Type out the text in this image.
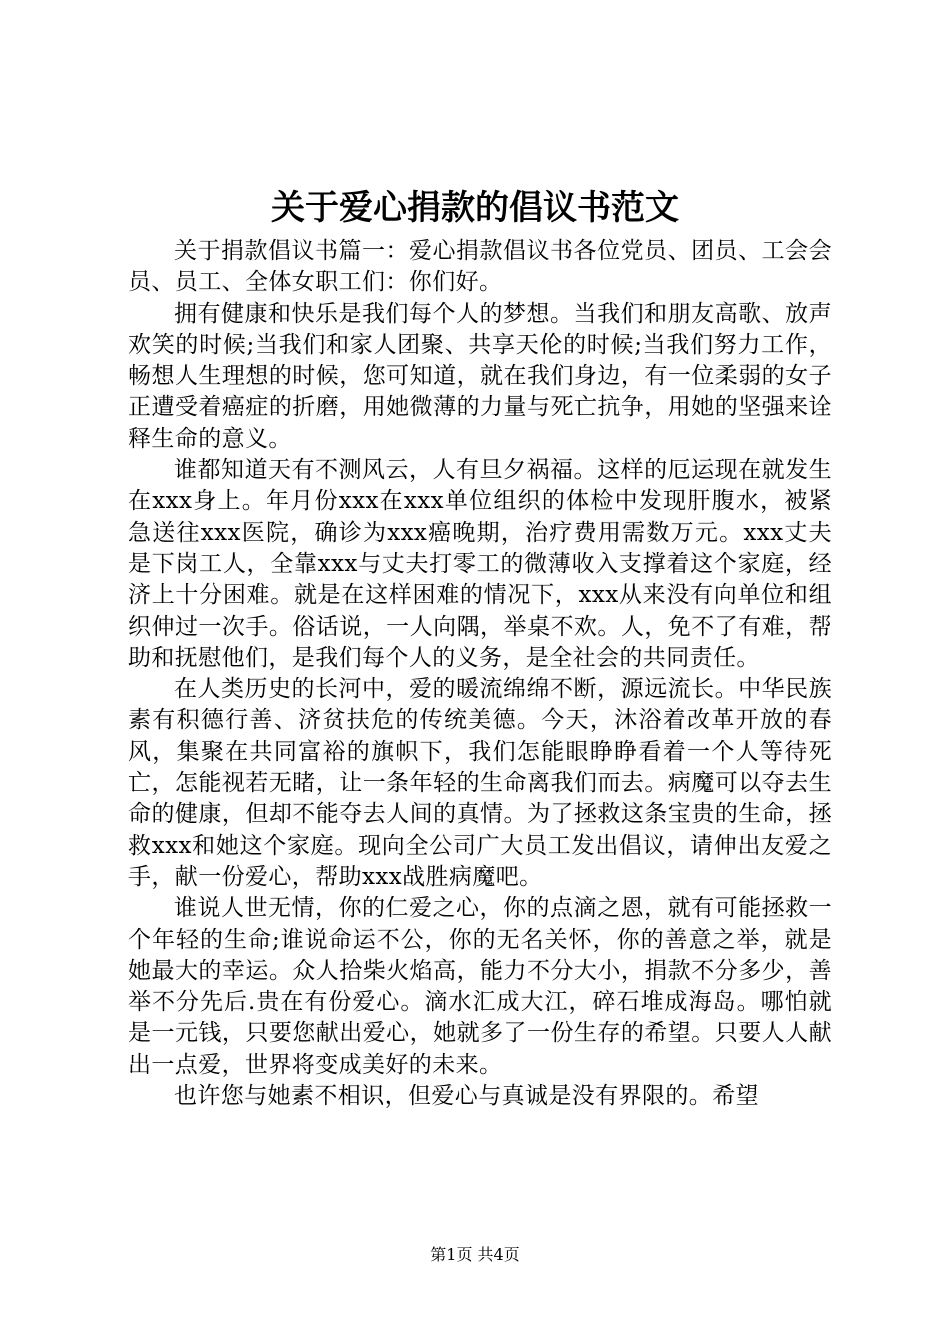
关于爱心捐款的倡议书范文

关于捐款倡议书篇一：爱心捐款倡议书各位党员、团员、工会会员、员工、全体女职工们：你们好。

拥有健康和快乐是我们每个人的梦想。当我们和朋友高歌、放声欢笑的时候;当我们和家人团聚、共享天伦的时候;当我们努力工作，畅想人生理想的时候，您可知道，就在我们身边，有一位柔弱的女子正遭受着癌症的折磨，用她微薄的力量与死亡抗争，用她的坚强来诠释生命的意义。

谁都知道天有不测风云，人有旦夕祸福。这样的厄运现在就发生在xxx身上。年月份xxx在xxx单位组织的体检中发现肝腹水，被紧急送往xxx医院，确诊为xxx癌晚期，治疗费用需数万元。xxx丈夫是下岗工人，全靠xxx与丈夫打零工的微薄收入支撑着这个家庭，经济上十分困难。就是在这样困难的情况下，xxx从来没有向单位和组织伸过一次手。俗话说，一人向隅，举桌不欢。人，免不了有难，帮助和抚慰他们，是我们每个人的义务，是全社会的共同责任。

在人类历史的长河中，爱的暖流绵绵不断，源远流长。中华民族素有积德行善、济贫扶危的传统美德。今天，沐浴着改革开放的春风，集聚在共同富裕的旗帜下，我们怎能眼睁睁看着一个人等待死亡，怎能视若无睹，让一条年轻的生命离我们而去。病魔可以夺去生命的健康，但却不能夺去人间的真情。为了拯救这条宝贵的生命，拯救xxx和她这个家庭。现向全公司广大员工发出倡议，请伸出友爱之手，献一份爱心，帮助xxx战胜病魔吧。

谁说人世无情，你的仁爱之心，你的点滴之恩，就有可能拯救一个年轻的生命;谁说命运不公，你的无名关怀，你的善意之举，就是她最大的幸运。众人拾柴火焰高，能力不分大小，捐款不分多少，善举不分先后.贵在有份爱心。滴水汇成大江，碎石堆成海岛。哪怕就是一元钱，只要您献出爱心，她就多了一份生存的希望。只要人人献出一点爱，世界将变成美好的未来。

也许您与她素不相识，但爱心与真诚是没有界限的。希望

第1页 共4页
